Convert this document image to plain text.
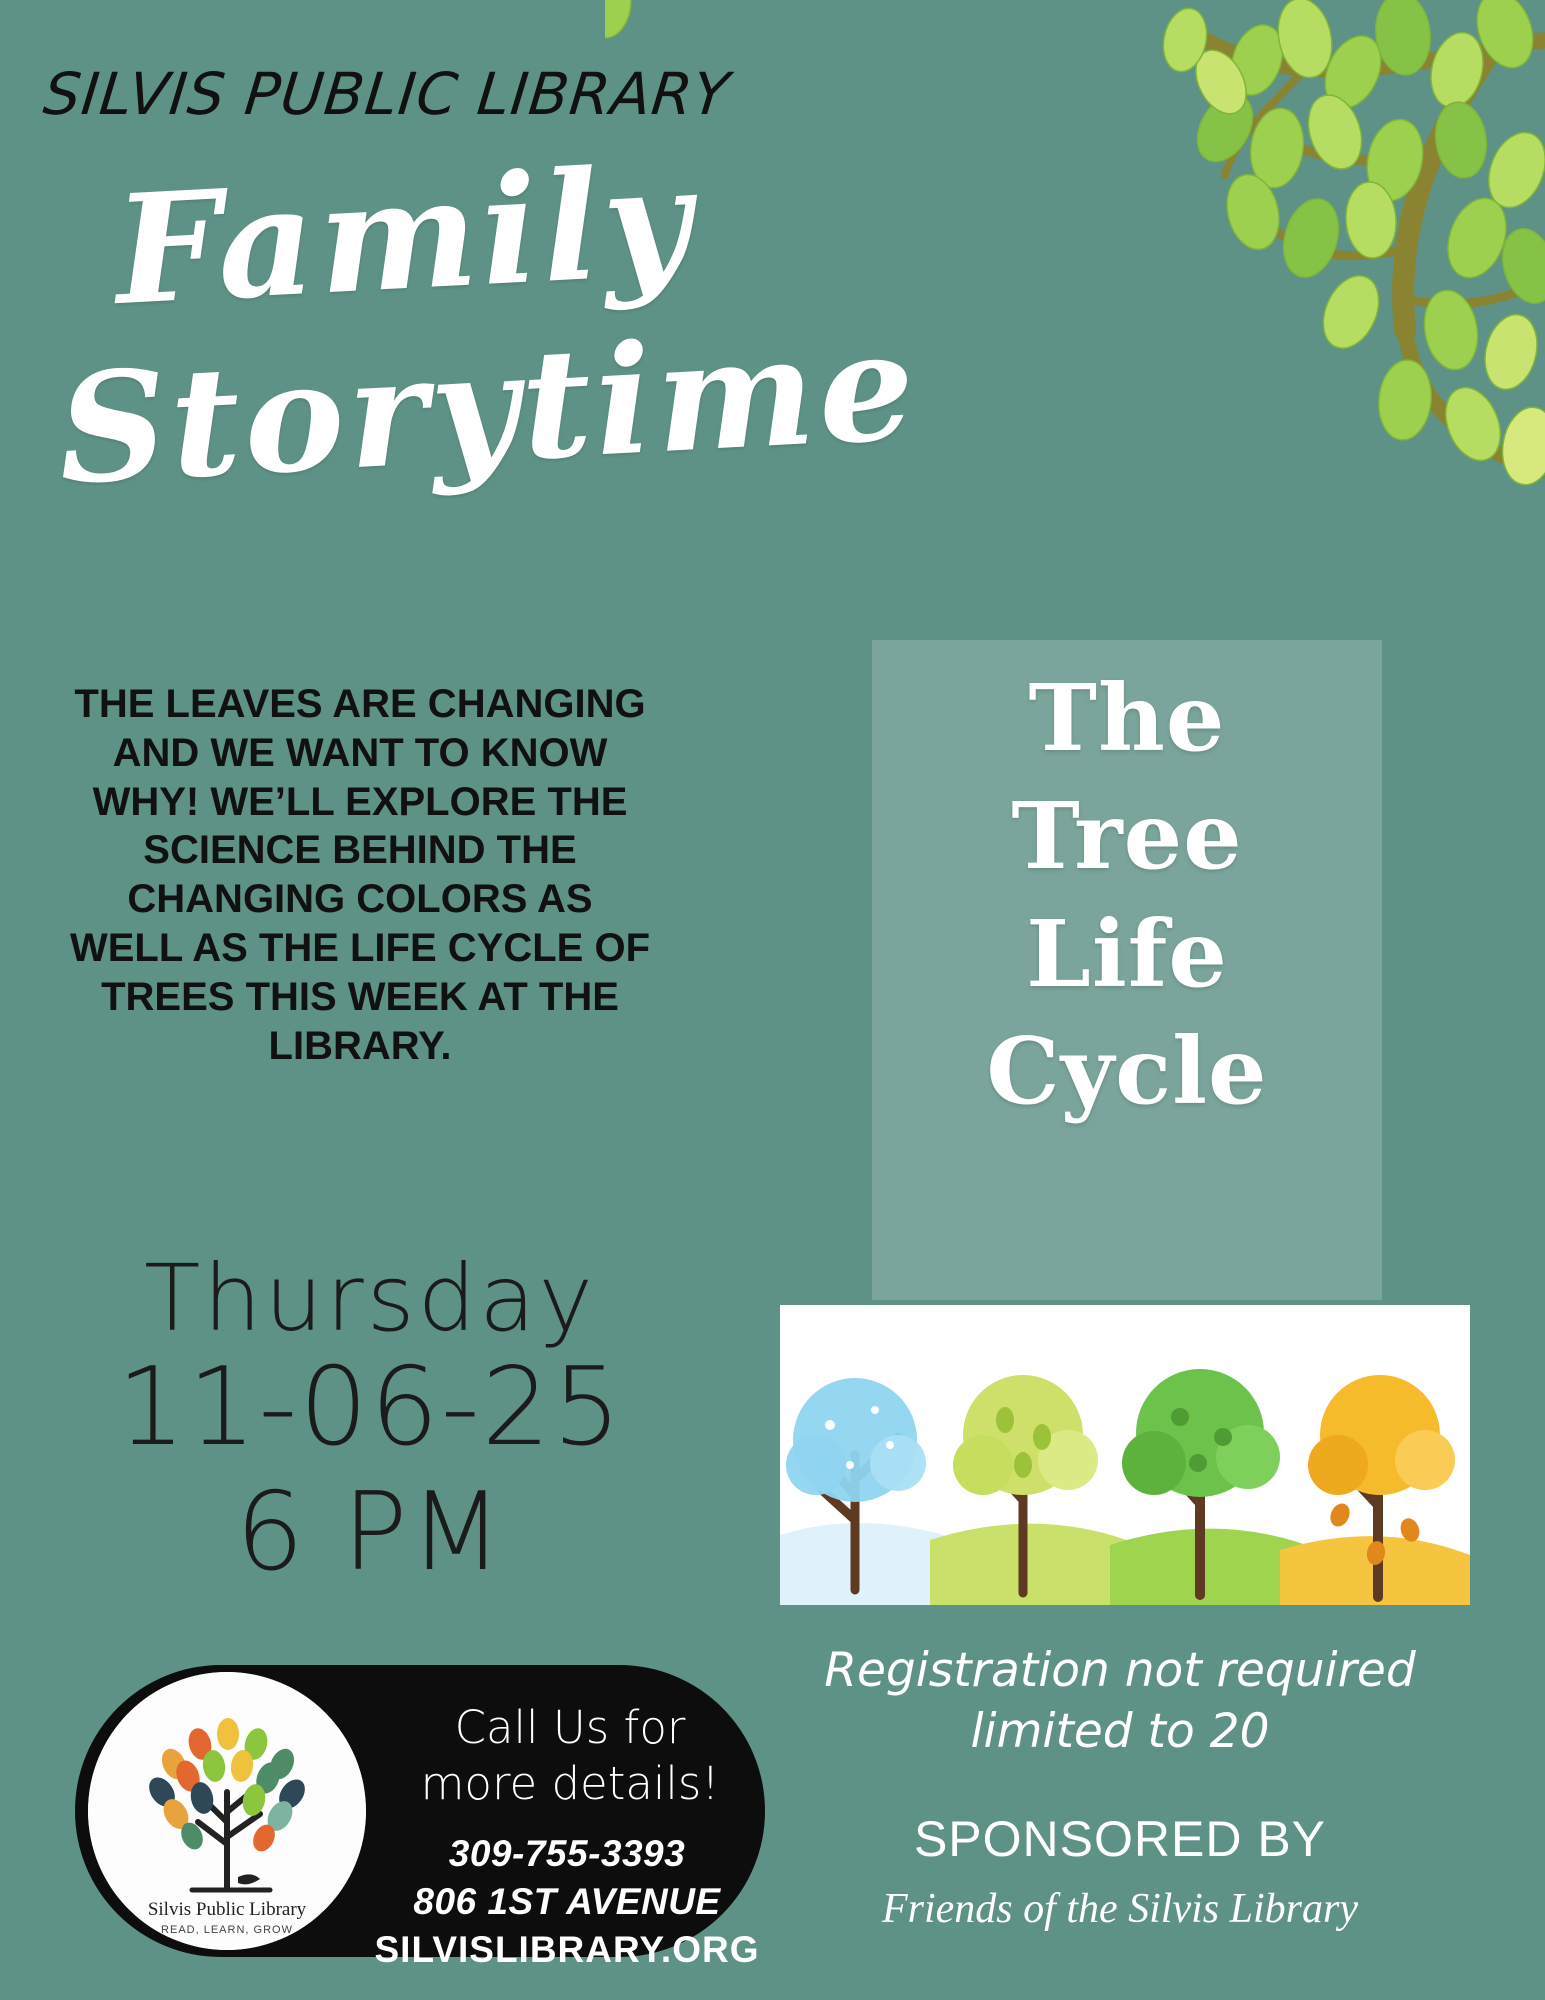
SILVIS PUBLIC LIBRARY
Family
Storytime
THE LEAVES ARE CHANGING AND WE WANT TO KNOW WHY! WE’LL EXPLORE THE SCIENCE BEHIND THE CHANGING COLORS AS WELL AS THE LIFE CYCLE OF TREES THIS WEEK AT THE LIBRARY.
Thursday
11-06-25
6 PM
The
Tree
Life
Cycle
Registration not required
limited to 20
SPONSORED BY
Friends of the Silvis Library
Silvis Public Library
READ, LEARN, GROW
Call Us for
more details!
309-755-3393
806 1ST AVENUE
SILVISLIBRARY.ORG
